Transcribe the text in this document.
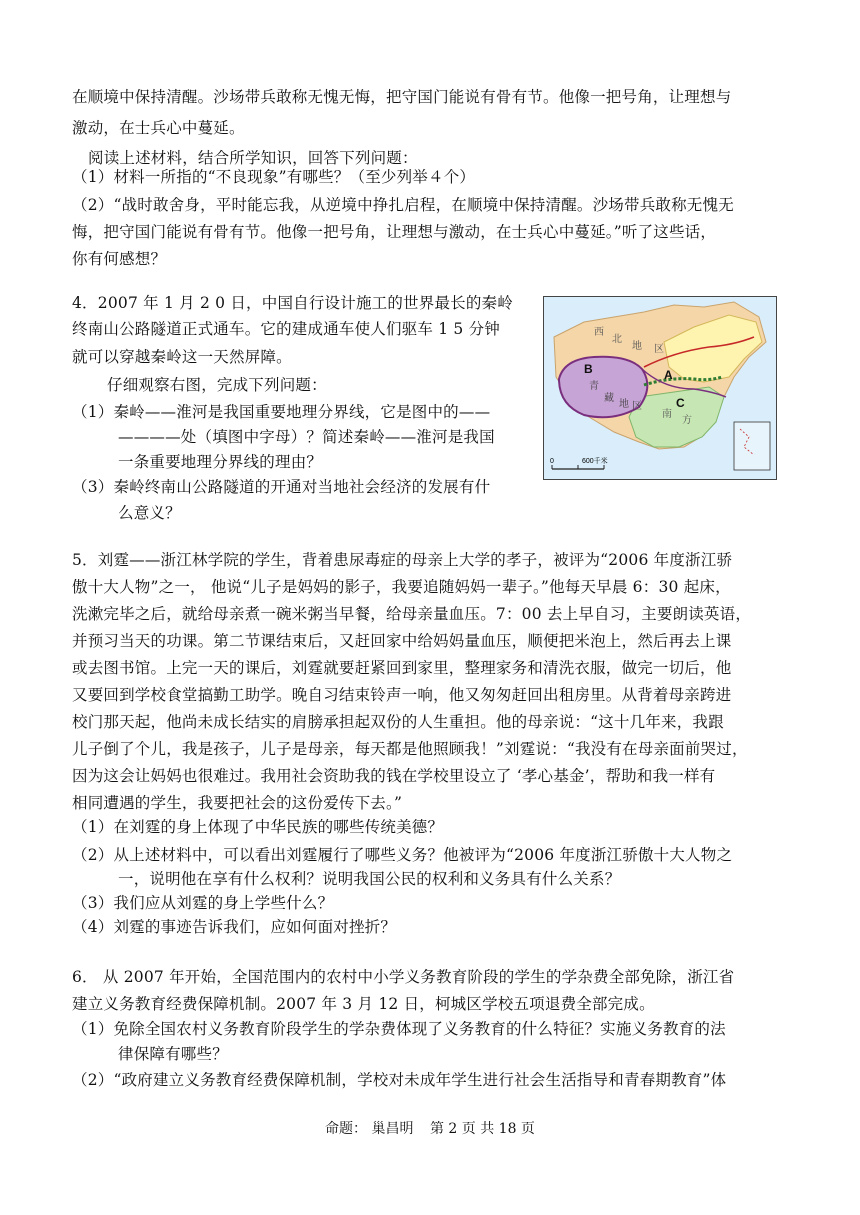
在顺境中保持清醒。沙场带兵敢称无愧无悔，把守国门能说有骨有节。他像一把号角，让理想与
激动，在士兵心中蔓延。
阅读上述材料，结合所学知识，回答下列问题：
（1）材料一所指的“不良现象”有哪些？（至少列举４个）
（2）“战时敢舍身，平时能忘我，从逆境中挣扎启程，在顺境中保持清醒。沙场带兵敢称无愧无
悔，把守国门能说有骨有节。他像一把号角，让理想与激动，在士兵心中蔓延。”听了这些话，
你有何感想？
4．2007 年 1 月 2 0 日，中国自行设计施工的世界最长的秦岭
终南山公路隧道正式通车。它的建成通车使人们驱车 1 5 分钟
就可以穿越秦岭这一天然屏障。
仔细观察右图，完成下列问题：
（1）秦岭——淮河是我国重要地理分界线，它是图中的——
————处（填图中字母）？简述秦岭——淮河是我国
一条重要地理分界线的理由？
（3）秦岭终南山公路隧道的开通对当地社会经济的发展有什
么意义？
0	600千米
西
北
地 区
青
藏
地 区
南
方
A
B
C
5．刘霆——浙江林学院的学生，背着患尿毒症的母亲上大学的孝子，被评为“2006 年度浙江骄
傲十大人物”之一， 他说“儿子是妈妈的影子，我要追随妈妈一辈子。”他每天早晨 6：30 起床，
洗漱完毕之后，就给母亲煮一碗米粥当早餐，给母亲量血压。7：00 去上早自习，主要朗读英语，
并预习当天的功课。第二节课结束后，又赶回家中给妈妈量血压，顺便把米泡上，然后再去上课
或去图书馆。上完一天的课后，刘霆就要赶紧回到家里，整理家务和清洗衣服，做完一切后，他
又要回到学校食堂搞勤工助学。晚自习结束铃声一响，他又匆匆赶回出租房里。从背着母亲跨进
校门那天起，他尚未成长结实的肩膀承担起双份的人生重担。他的母亲说：“这十几年来，我跟
儿子倒了个儿，我是孩子，儿子是母亲，每天都是他照顾我！”刘霆说：“我没有在母亲面前哭过，
因为这会让妈妈也很难过。我用社会资助我的钱在学校里设立了 ‘孝心基金’，帮助和我一样有
相同遭遇的学生，我要把社会的这份爱传下去。”
（1）在刘霆的身上体现了中华民族的哪些传统美德？
（2）从上述材料中，可以看出刘霆履行了哪些义务？他被评为“2006 年度浙江骄傲十大人物之
一，说明他在享有什么权利？说明我国公民的权利和义务具有什么关系？
（3）我们应从刘霆的身上学些什么？
（4）刘霆的事迹告诉我们，应如何面对挫折？
6． 从 2007 年开始，全国范围内的农村中小学义务教育阶段的学生的学杂费全部免除，浙江省
建立义务教育经费保障机制。2007 年 3 月 12 日，柯城区学校五项退费全部完成。
（1）免除全国农村义务教育阶段学生的学杂费体现了义务教育的什么特征？实施义务教育的法
律保障有哪些？
（2）“政府建立义务教育经费保障机制，学校对未成年学生进行社会生活指导和青春期教育”体
命题： 巢昌明 第 2 页 共 18 页
